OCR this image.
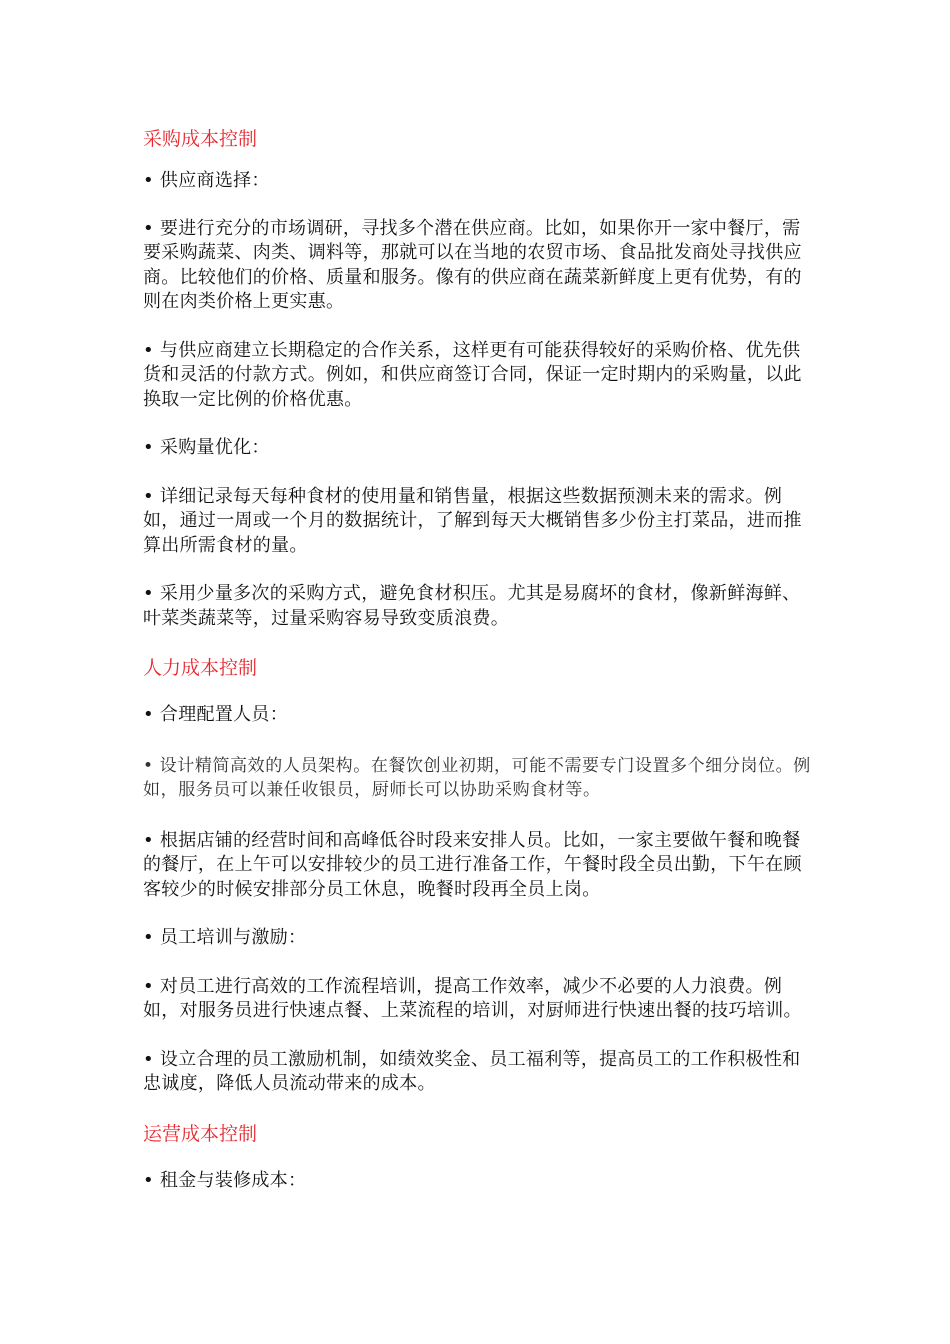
采购成本控制

• 供应商选择：

• 要进行充分的市场调研，寻找多个潜在供应商。比如，如果你开一家中餐厅，需要采购蔬菜、肉类、调料等，那就可以在当地的农贸市场、食品批发商处寻找供应商。比较他们的价格、质量和服务。像有的供应商在蔬菜新鲜度上更有优势，有的则在肉类价格上更实惠。

• 与供应商建立长期稳定的合作关系，这样更有可能获得较好的采购价格、优先供货和灵活的付款方式。例如，和供应商签订合同，保证一定时期内的采购量，以此换取一定比例的价格优惠。

• 采购量优化：

• 详细记录每天每种食材的使用量和销售量，根据这些数据预测未来的需求。例如，通过一周或一个月的数据统计，了解到每天大概销售多少份主打菜品，进而推算出所需食材的量。

• 采用少量多次的采购方式，避免食材积压。尤其是易腐坏的食材，像新鲜海鲜、叶菜类蔬菜等，过量采购容易导致变质浪费。

人力成本控制

• 合理配置人员：

• 设计精简高效的人员架构。在餐饮创业初期，可能不需要专门设置多个细分岗位。例如，服务员可以兼任收银员，厨师长可以协助采购食材等。

• 根据店铺的经营时间和高峰低谷时段来安排人员。比如，一家主要做午餐和晚餐的餐厅，在上午可以安排较少的员工进行准备工作，午餐时段全员出勤，下午在顾客较少的时候安排部分员工休息，晚餐时段再全员上岗。

• 员工培训与激励：

• 对员工进行高效的工作流程培训，提高工作效率，减少不必要的人力浪费。例如，对服务员进行快速点餐、上菜流程的培训，对厨师进行快速出餐的技巧培训。

• 设立合理的员工激励机制，如绩效奖金、员工福利等，提高员工的工作积极性和忠诚度，降低人员流动带来的成本。

运营成本控制

• 租金与装修成本：
